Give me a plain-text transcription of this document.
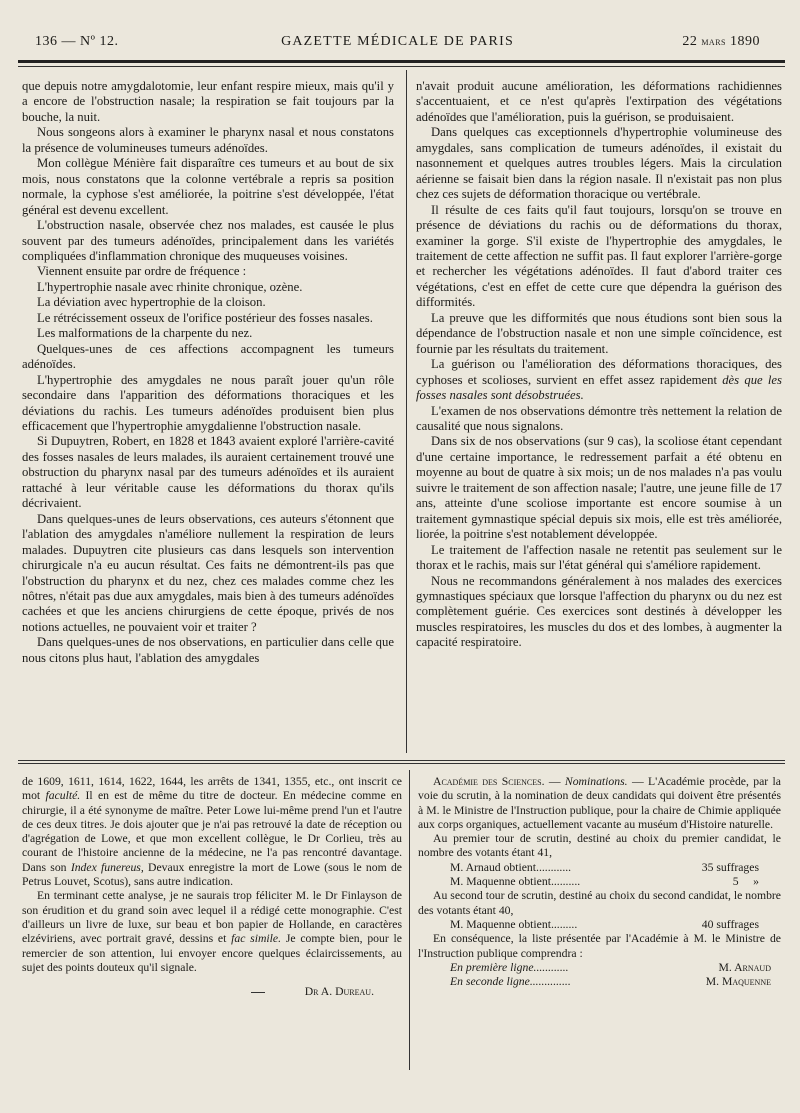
136 — Nº 12.	GAZETTE MÉDICALE DE PARIS	22 mars 1890

que depuis notre amygdalotomie, leur enfant respire mieux, mais qu'il y a encore de l'obstruction nasale; la respiration se fait toujours par la bouche, la nuit.

Nous songeons alors à examiner le pharynx nasal et nous constatons la présence de volumineuses tumeurs adénoïdes.

Mon collègue Ménière fait disparaître ces tumeurs et au bout de six mois, nous constatons que la colonne vertébrale a repris sa position normale, la cyphose s'est améliorée, la poitrine s'est développée, l'état général est devenu excellent.

L'obstruction nasale, observée chez nos malades, est causée le plus souvent par des tumeurs adénoïdes, principalement dans les variétés compliquées d'inflammation chronique des muqueuses voisines.

Viennent ensuite par ordre de fréquence :

L'hypertrophie nasale avec rhinite chronique, ozène.

La déviation avec hypertrophie de la cloison.

Le rétrécissement osseux de l'orifice postérieur des fosses nasales.

Les malformations de la charpente du nez.

Quelques-unes de ces affections accompagnent les tumeurs adénoïdes.

L'hypertrophie des amygdales ne nous paraît jouer qu'un rôle secondaire dans l'apparition des déformations thoraciques et les déviations du rachis. Les tumeurs adénoïdes produisent bien plus efficacement que l'hypertrophie amygdalienne l'obstruction nasale.

Si Dupuytren, Robert, en 1828 et 1843 avaient exploré l'arrière-cavité des fosses nasales de leurs malades, ils auraient certainement trouvé une obstruction du pharynx nasal par des tumeurs adénoïdes et ils auraient rattaché à leur véritable cause les déformations du thorax qu'ils décrivaient.

Dans quelques-unes de leurs observations, ces auteurs s'étonnent que l'ablation des amygdales n'améliore nullement la respiration de leurs malades. Dupuytren cite plusieurs cas dans lesquels son intervention chirurgicale n'a eu aucun résultat. Ces faits ne démontrent-ils pas que l'obstruction du pharynx et du nez, chez ces malades comme chez les nôtres, n'était pas due aux amygdales, mais bien à des tumeurs adénoïdes cachées et que les anciens chirurgiens de cette époque, privés de nos notions actuelles, ne pouvaient voir et traiter ?

Dans quelques-unes de nos observations, en particulier dans celle que nous citons plus haut, l'ablation des amygdales

n'avait produit aucune amélioration, les déformations rachidiennes s'accentuaient, et ce n'est qu'après l'extirpation des végétations adénoïdes que l'amélioration, puis la guérison, se produisaient.

Dans quelques cas exceptionnels d'hypertrophie volumineuse des amygdales, sans complication de tumeurs adénoïdes, il existait du nasonnement et quelques autres troubles légers. Mais la circulation aérienne se faisait bien dans la région nasale. Il n'existait pas non plus chez ces sujets de déformation thoracique ou vertébrale.

Il résulte de ces faits qu'il faut toujours, lorsqu'on se trouve en présence de déviations du rachis ou de déformations du thorax, examiner la gorge. S'il existe de l'hypertrophie des amygdales, le traitement de cette affection ne suffit pas. Il faut explorer l'arrière-gorge et rechercher les végétations adénoïdes. Il faut d'abord traiter ces végétations, c'est en effet de cette cure que dépendra la guérison des difformités.

La preuve que les difformités que nous étudions sont bien sous la dépendance de l'obstruction nasale et non une simple coïncidence, est fournie par les résultats du traitement.

La guérison ou l'amélioration des déformations thoraciques, des cyphoses et scolioses, survient en effet assez rapidement dès que les fosses nasales sont désobstruées.

L'examen de nos observations démontre très nettement la relation de causalité que nous signalons.

Dans six de nos observations (sur 9 cas), la scoliose étant cependant d'une certaine importance, le redressement parfait a été obtenu en moyenne au bout de quatre à six mois; un de nos malades n'a pas voulu suivre le traitement de son affection nasale; l'autre, une jeune fille de 17 ans, atteinte d'une scoliose importante est encore soumise à un traitement gymnastique spécial depuis six mois, elle est très améliorée, liorée, la poitrine s'est notablement développée.

Le traitement de l'affection nasale ne retentit pas seulement sur le thorax et le rachis, mais sur l'état général qui s'améliore rapidement.

Nous ne recommandons généralement à nos malades des exercices gymnastiques spéciaux que lorsque l'affection du pharynx ou du nez est complètement guérie. Ces exercices sont destinés à développer les muscles respiratoires, les muscles du dos et des lombes, à augmenter la capacité respiratoire.

de 1609, 1611, 1614, 1622, 1644, les arrêts de 1341, 1355, etc., ont inscrit ce mot faculté. Il en est de même du titre de docteur. En médecine comme en chirurgie, il a été synonyme de maître. Peter Lowe lui-même prend l'un et l'autre de ces deux titres. Je dois ajouter que je n'ai pas retrouvé la date de réception ou d'agrégation de Lowe, et que mon excellent collègue, le Dr Corlieu, très au courant de l'histoire ancienne de la médecine, ne l'a pas rencontré davantage. Dans son Index funereus, Devaux enregistre la mort de Lowe (sous le nom de Petrus Louvet, Scotus), sans autre indication.

En terminant cette analyse, je ne saurais trop féliciter M. le Dr Finlayson de son érudition et du grand soin avec lequel il a rédigé cette monographie. C'est d'ailleurs un livre de luxe, sur beau et bon papier de Hollande, en caractères elzéviriens, avec portrait gravé, dessins et fac simile. Je compte bien, pour le remercier de son attention, lui envoyer encore quelques éclaircissements, au sujet des points douteux qu'il signale.

Dr A. Dureau.

Académie des Sciences. — Nominations. — L'Académie procède, par la voie du scrutin, à la nomination de deux candidats qui doivent être présentés à M. le Ministre de l'Instruction publique, pour la chaire de Chimie appliquée aux corps organiques, actuellement vacante au muséum d'Histoire naturelle.

Au premier tour de scrutin, destiné au choix du premier candidat, le nombre des votants étant 41,

M. Arnaud obtient............	35 suffrages
M. Maquenne obtient..........	5     »

Au second tour de scrutin, destiné au choix du second candidat, le nombre des votants étant 40,

M. Maquenne obtient.........	40 suffrages

En conséquence, la liste présentée par l'Académie à M. le Ministre de l'Instruction publique comprendra :

En première ligne............	M. Arnaud
En seconde ligne..............	M. Maquenne
